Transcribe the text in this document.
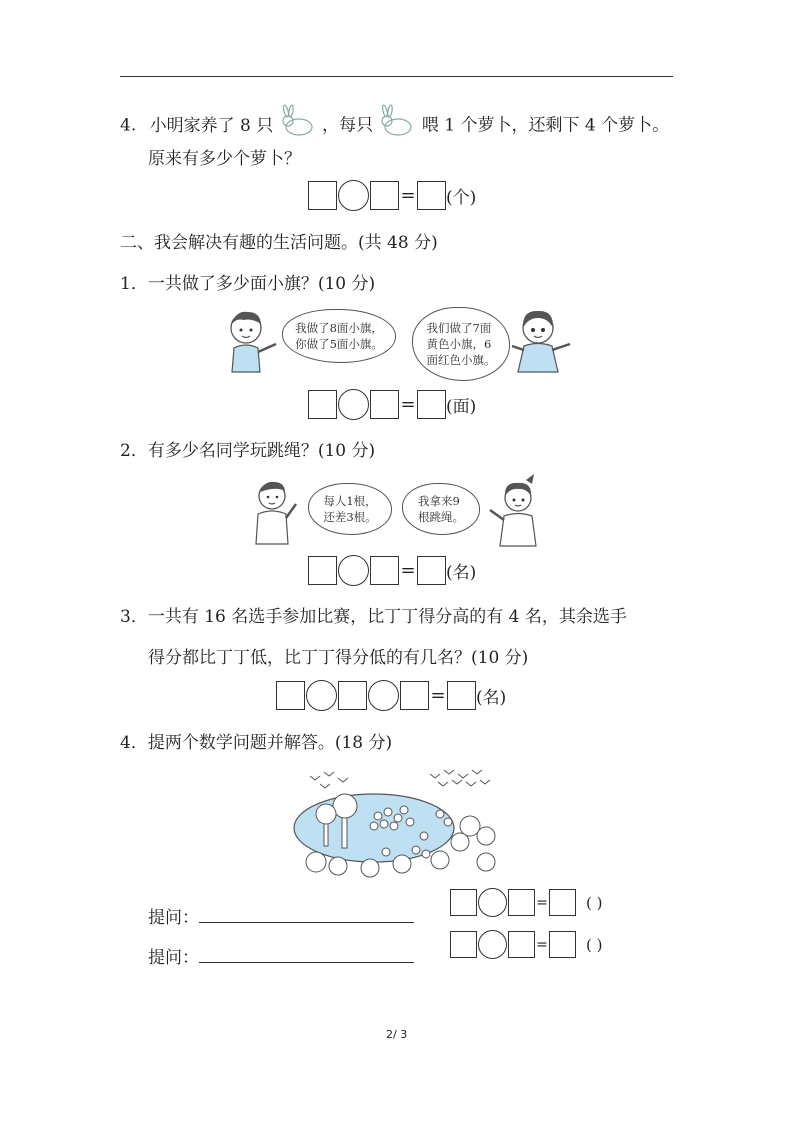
4. 小明家养了 8 只	，每只	喂 1 个萝卜，还剩下 4 个萝卜。
原来有多少个萝卜？
= (个)
二、我会解决有趣的生活问题。(共 48 分)
1．一共做了多少面小旗？(10 分)
我做了8面小旗，
你做了5面小旗。
我们做了7面
黄色小旗，6
面红色小旗。
= (面)
2．有多少名同学玩跳绳？(10 分)
每人1根，
还差3根。
我拿来9
根跳绳。
= (名)
3．一共有 16 名选手参加比赛，比丁丁得分高的有 4 名，其余选手
得分都比丁丁低，比丁丁得分低的有几名？(10 分)
= (名)
4．提两个数学问题并解答。(18 分)
提问：
提问：
=	( )
=	( )
2/ 3
